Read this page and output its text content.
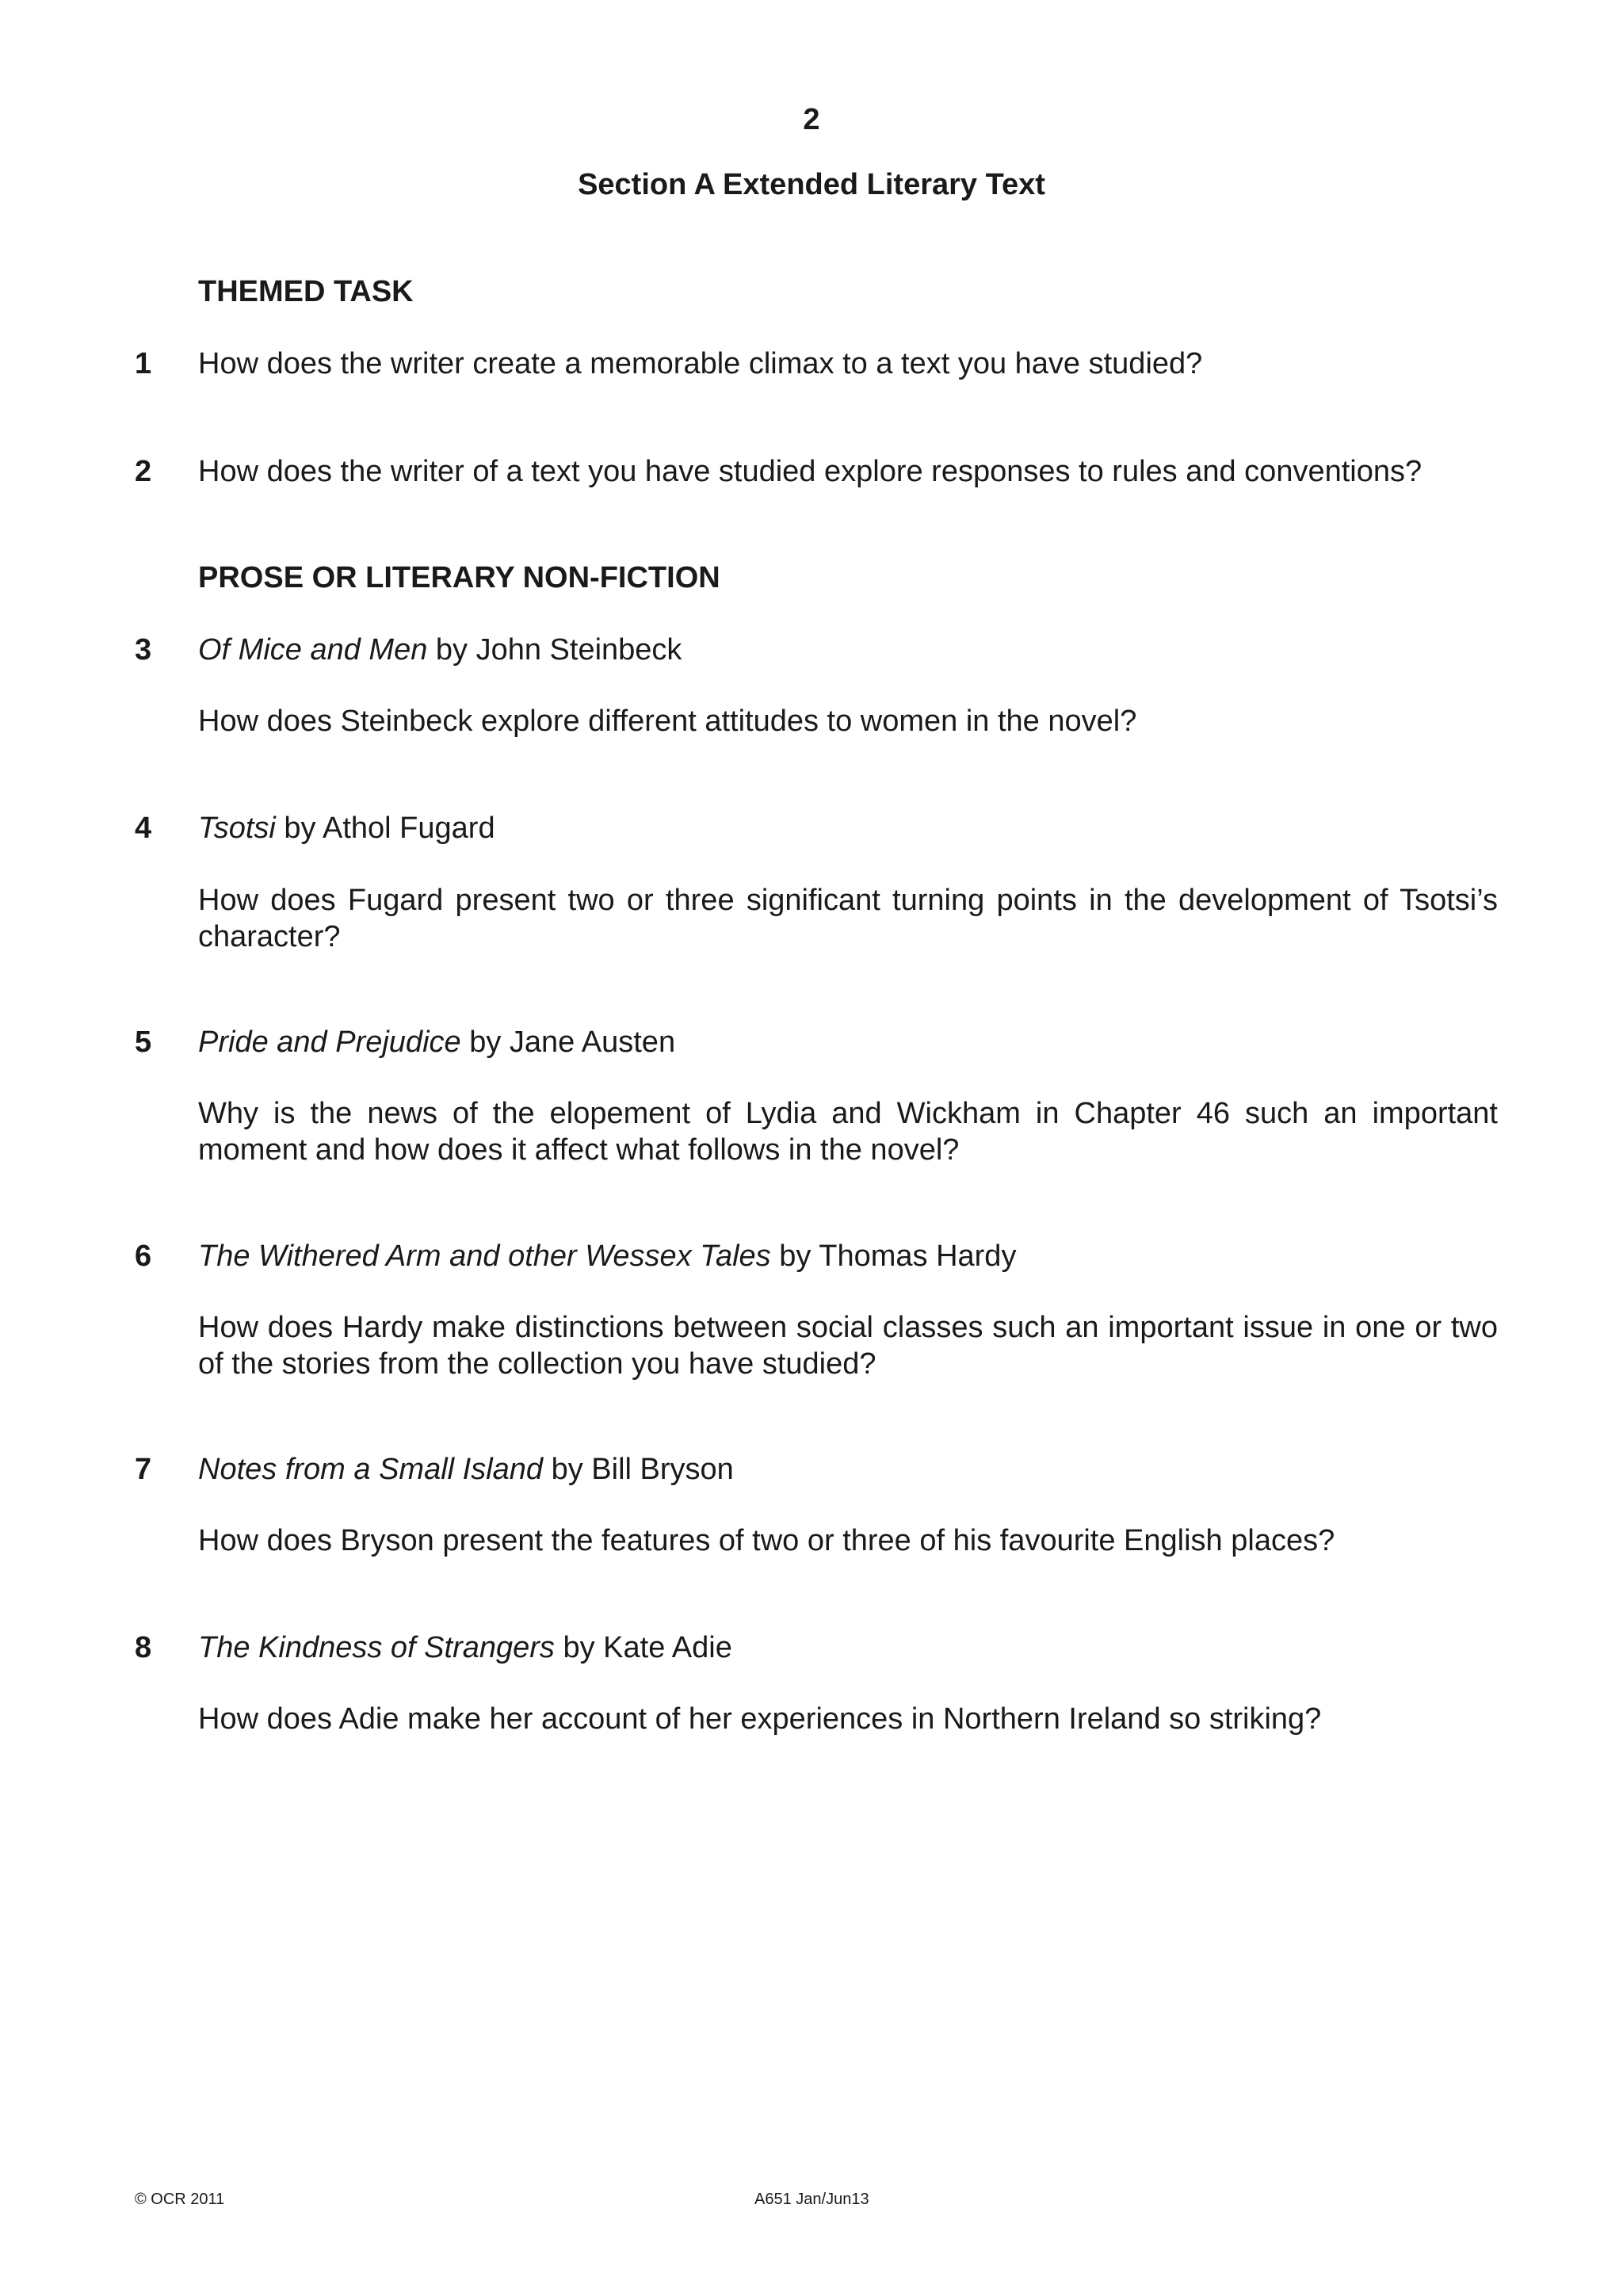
2
Section A Extended Literary Text
THEMED TASK
1 How does the writer create a memorable climax to a text you have studied?
2 How does the writer of a text you have studied explore responses to rules and conventions?
PROSE OR LITERARY NON-FICTION
3 Of Mice and Men by John Steinbeck
How does Steinbeck explore different attitudes to women in the novel?
4 Tsotsi by Athol Fugard
How does Fugard present two or three significant turning points in the development of Tsotsi’s character?
5 Pride and Prejudice by Jane Austen
Why is the news of the elopement of Lydia and Wickham in Chapter 46 such an important moment and how does it affect what follows in the novel?
6 The Withered Arm and other Wessex Tales by Thomas Hardy
How does Hardy make distinctions between social classes such an important issue in one or two of the stories from the collection you have studied?
7 Notes from a Small Island by Bill Bryson
How does Bryson present the features of two or three of his favourite English places?
8 The Kindness of Strangers by Kate Adie
How does Adie make her account of her experiences in Northern Ireland so striking?
© OCR 2011	A651 Jan/Jun13
